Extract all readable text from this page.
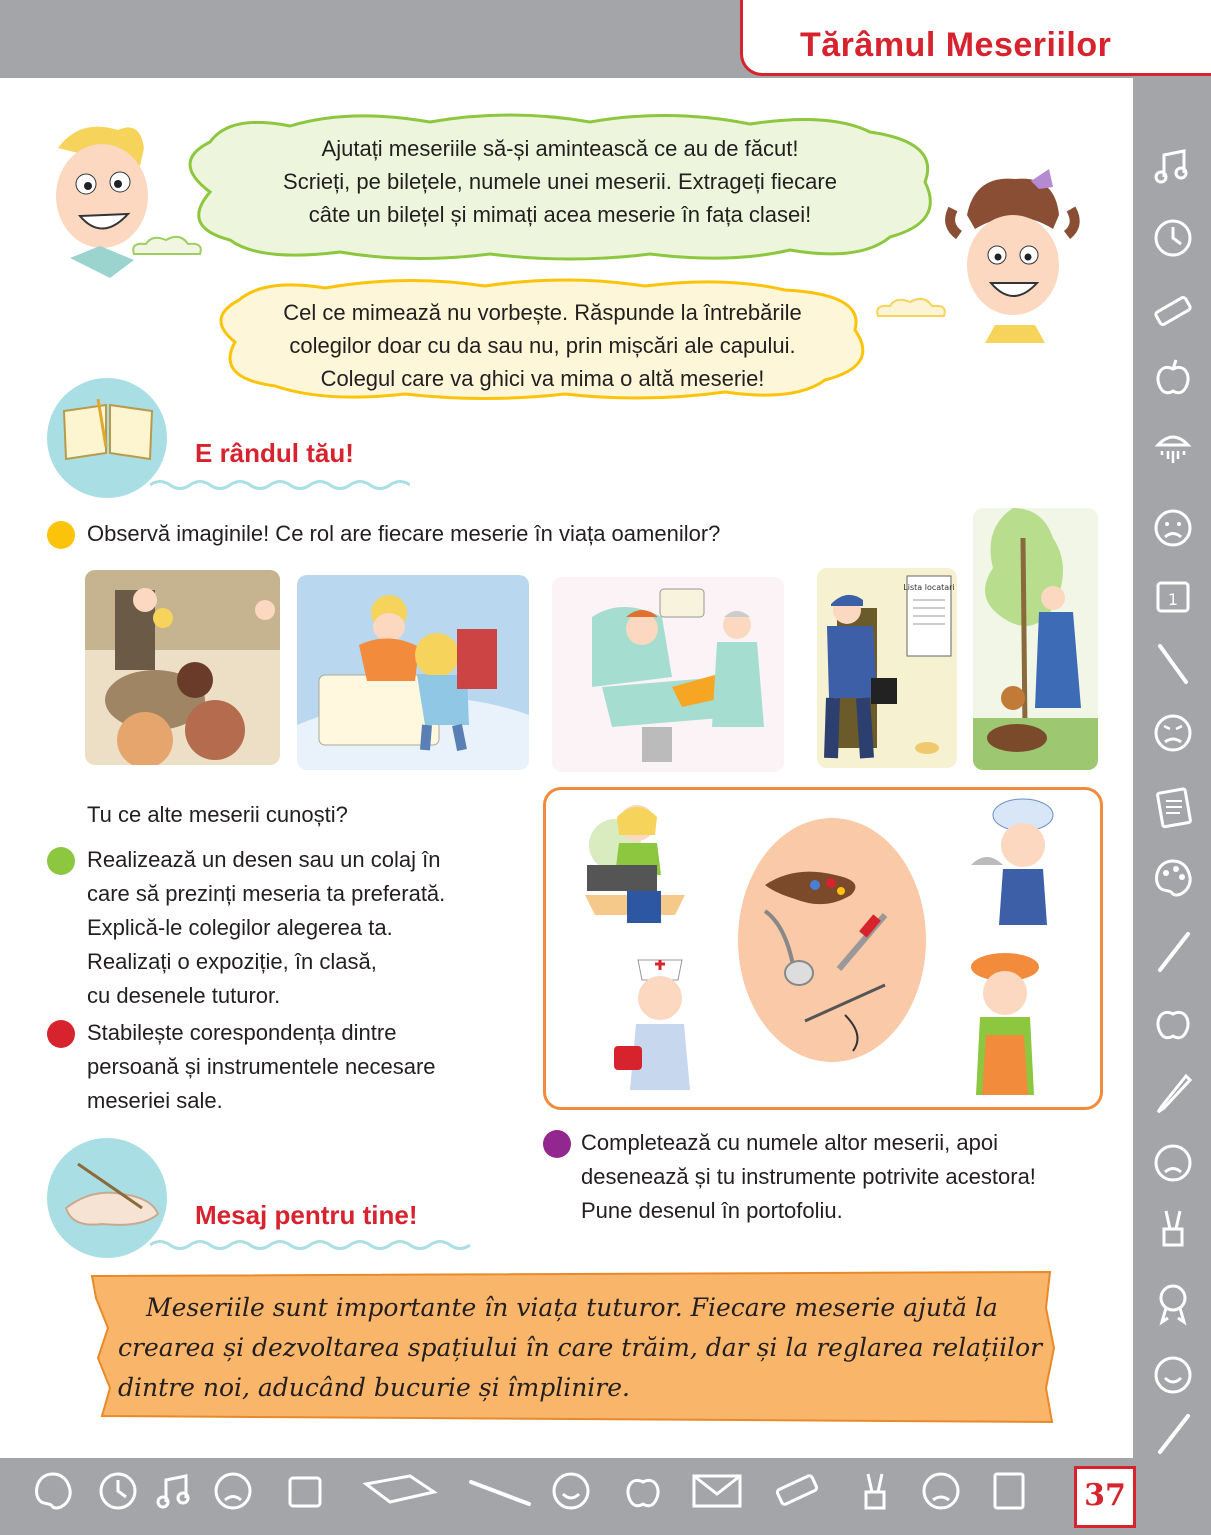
Tărâmul Meseriilor
1
37
Ajutați meseriile să-și amintească ce au de făcut!
Scrieți, pe bilețele, numele unei meserii. Extrageți fiecare
câte un bilețel și mimați acea meserie în fața clasei!
Cel ce mimează nu vorbește. Răspunde la întrebările
colegilor doar cu da sau nu, prin mișcări ale capului.
Colegul care va ghici va mima o altă meserie!
E rândul tău!
Observă imaginile! Ce rol are fiecare meserie în viața oamenilor?
Lista locatari
Tu ce alte meserii cunoști?
Realizează un desen sau un colaj în
care să prezinți meseria ta preferată.
Explică-le colegilor alegerea ta.
Realizați o expoziție, în clasă,
cu desenele tuturor.
Stabilește corespondența dintre
persoană și instrumentele necesare
meseriei sale.
Completează cu numele altor meserii, apoi
desenează și tu instrumente potrivite acestora!
Pune desenul în portofoliu.
Mesaj pentru tine!
Meseriile sunt importante în viața tuturor. Fiecare meserie ajută la
crearea și dezvoltarea spațiului în care trăim, dar și la reglarea relațiilor
dintre noi, aducând bucurie și împlinire.
